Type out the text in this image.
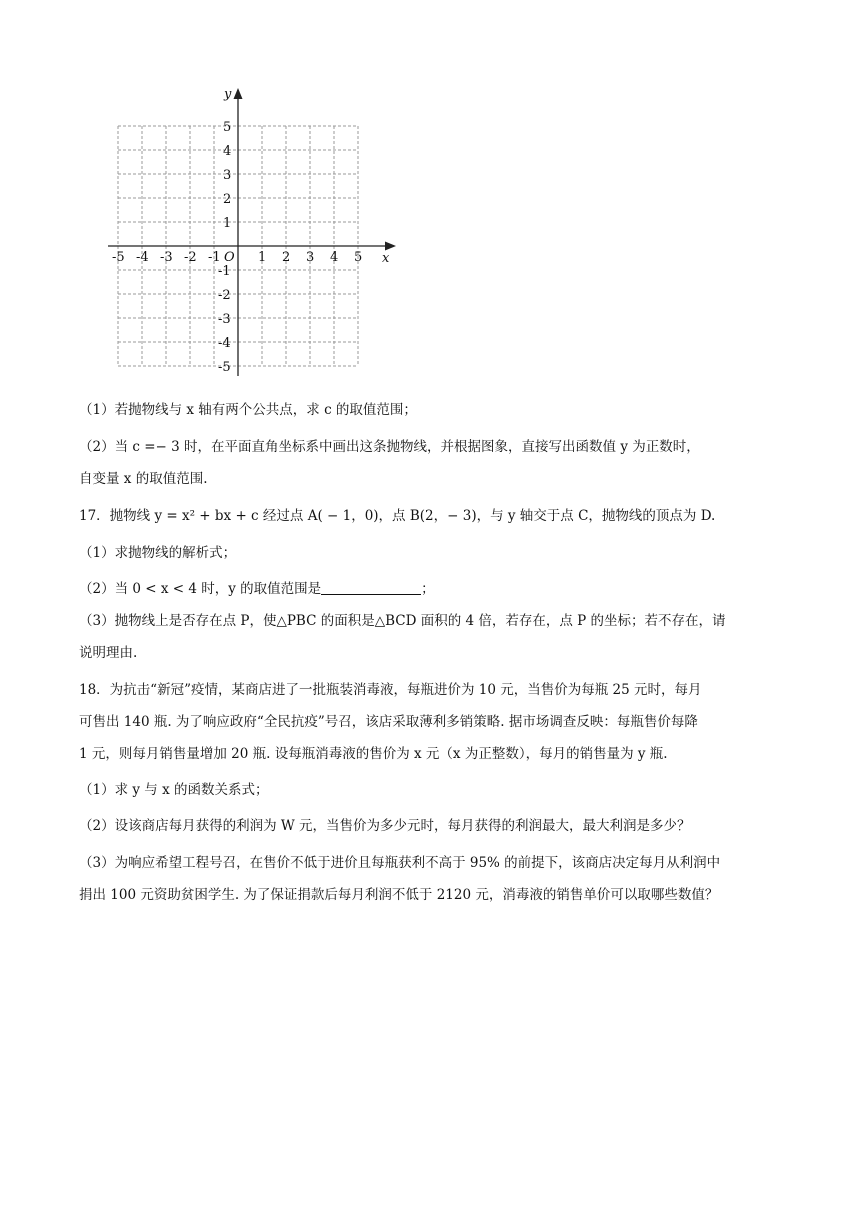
y
x
O
-5 -4 -3 -2 -1	1 2 3 4 5
5
4
3
2
1
-1
-2
-3
-4
-5
（1）若抛物线与 x 轴有两个公共点，求 c 的取值范围；
（2）当 c =− 3 时，在平面直角坐标系中画出这条抛物线，并根据图象，直接写出函数值 y 为正数时，
自变量 x 的取值范围.
17．抛物线 y = x² + bx + c 经过点 A( − 1，0)，点 B(2，− 3)，与 y 轴交于点 C，抛物线的顶点为 D.
（1）求抛物线的解析式；
（2）当 0 < x < 4 时，y 的取值范围是	；
（3）抛物线上是否存在点 P，使△PBC 的面积是△BCD 面积的 4 倍，若存在，点 P 的坐标；若不存在，请
说明理由.
18．为抗击“新冠”疫情，某商店进了一批瓶装消毒液，每瓶进价为 10 元，当售价为每瓶 25 元时，每月
可售出 140 瓶. 为了响应政府“全民抗疫”号召，该店采取薄利多销策略. 据市场调查反映：每瓶售价每降
1 元，则每月销售量增加 20 瓶. 设每瓶消毒液的售价为 x 元（x 为正整数），每月的销售量为 y 瓶.
（1）求 y 与 x 的函数关系式；
（2）设该商店每月获得的利润为 W 元，当售价为多少元时，每月获得的利润最大，最大利润是多少？
（3）为响应希望工程号召，在售价不低于进价且每瓶获利不高于 95% 的前提下，该商店决定每月从利润中
捐出 100 元资助贫困学生. 为了保证捐款后每月利润不低于 2120 元，消毒液的销售单价可以取哪些数值？
